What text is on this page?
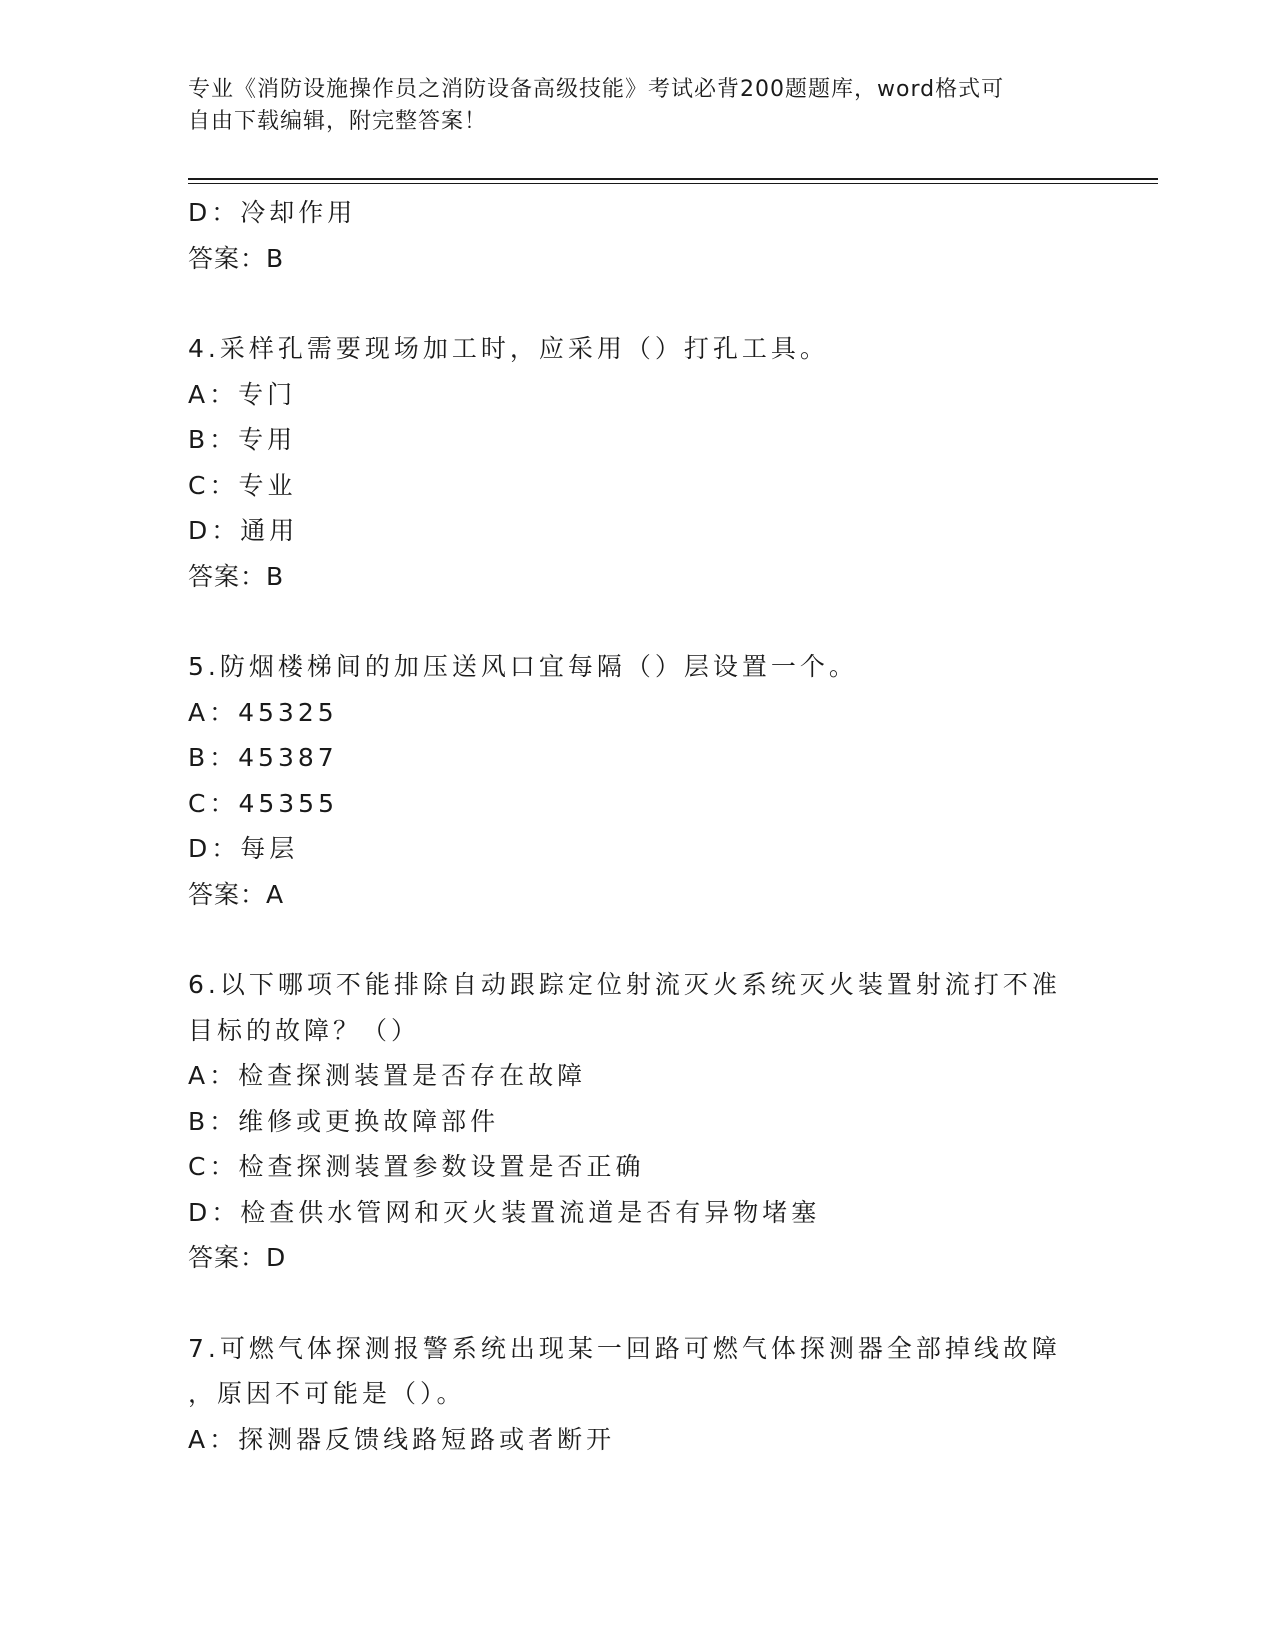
专业《消防设施操作员之消防设备高级技能》考试必背200题题库，word格式可
自由下载编辑，附完整答案！
D：冷却作用
答案：B
4.采样孔需要现场加工时，应采用（）打孔工具。
A：专门
B：专用
C：专业
D：通用
答案：B
5.防烟楼梯间的加压送风口宜每隔（）层设置一个。
A：45325
B：45387
C：45355
D：每层
答案：A
6.以下哪项不能排除自动跟踪定位射流灭火系统灭火装置射流打不准
目标的故障？（）
A：检查探测装置是否存在故障
B：维修或更换故障部件
C：检查探测装置参数设置是否正确
D：检查供水管网和灭火装置流道是否有异物堵塞
答案：D
7.可燃气体探测报警系统出现某一回路可燃气体探测器全部掉线故障
，原因不可能是（）。
A：探测器反馈线路短路或者断开
